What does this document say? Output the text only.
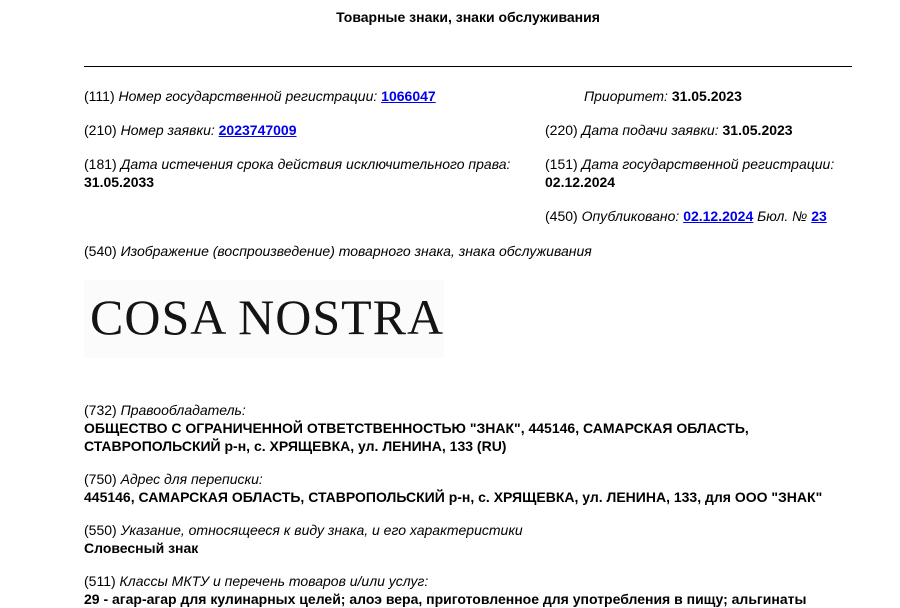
Товарные знаки, знаки обслуживания
(111) Номер государственной регистрации: 1066047	Приоритет: 31.05.2023
(210) Номер заявки: 2023747009	(220) Дата подачи заявки: 31.05.2023
(181) Дата истечения срока действия исключительного права:
31.05.2033
(151) Дата государственной регистрации:
02.12.2024
(450) Опубликовано: 02.12.2024 Бюл. № 23
(540) Изображение (воспроизведение) товарного знака, знака обслуживания
COSA NOSTRA
(732) Правообладатель:
ОБЩЕСТВО С ОГРАНИЧЕННОЙ ОТВЕТСТВЕННОСТЬЮ "ЗНАК", 445146, САМАРСКАЯ ОБЛАСТЬ,
СТАВРОПОЛЬСКИЙ р-н, с. ХРЯЩЕВКА, ул. ЛЕНИНА, 133 (RU)
(750) Адрес для переписки:
445146, САМАРСКАЯ ОБЛАСТЬ, СТАВРОПОЛЬСКИЙ р-н, с. ХРЯЩЕВКА, ул. ЛЕНИНА, 133, для ООО "ЗНАК"
(550) Указание, относящееся к виду знака, и его характеристики
Словесный знак
(511) Классы МКТУ и перечень товаров и/или услуг:
29 - агар-агар для кулинарных целей; алоэ вера, приготовленное для употребления в пищу; альгинаты
